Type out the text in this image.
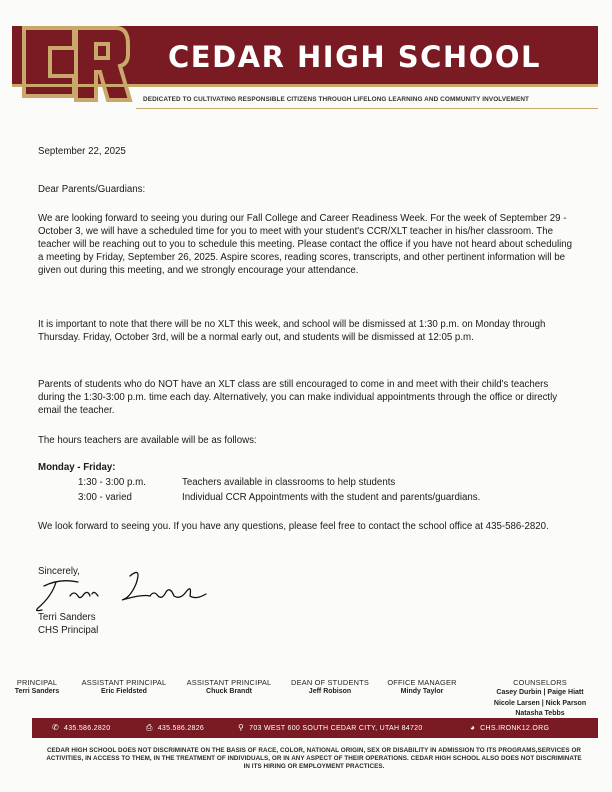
CEDAR HIGH SCHOOL
DEDICATED TO CULTIVATING RESPONSIBLE CITIZENS THROUGH LIFELONG LEARNING AND COMMUNITY INVOLVEMENT
September 22, 2025
Dear Parents/Guardians:

We are looking forward to seeing you during our Fall College and Career Readiness Week. For the week of September 29 - October 3, we will have a scheduled time for you to meet with your student's CCR/XLT teacher in his/her classroom. The teacher will be reaching out to you to schedule this meeting. Please contact the office if you have not heard about scheduling a meeting by Friday, September 26, 2025. Aspire scores, reading scores, transcripts, and other pertinent information will be given out during this meeting, and we strongly encourage your attendance.

It is important to note that there will be no XLT this week, and school will be dismissed at 1:30 p.m. on Monday through Thursday. Friday, October 3rd, will be a normal early out, and students will be dismissed at 12:05 p.m.

Parents of students who do NOT have an XLT class are still encouraged to come in and meet with their child's teachers during the 1:30-3:00 p.m. time each day. Alternatively, you can make individual appointments through the office or directly email the teacher.

The hours teachers are available will be as follows:

Monday - Friday:
1:30 - 3:00 p.m.	Teachers available in classrooms to help students
3:00 - varied	Individual CCR Appointments with the student and parents/guardians.

We look forward to seeing you. If you have any questions, please feel free to contact the school office at 435-586-2820.

Sincerely,
Terri Sanders
CHS Principal
PRINCIPAL
Terri Sanders
ASSISTANT PRINCIPAL
Eric Fieldsted
ASSISTANT PRINCIPAL
Chuck Brandt
DEAN OF STUDENTS
Jeff Robison
OFFICE MANAGER
Mindy Taylor
COUNSELORS
Casey Durbin | Paige Hiatt
Nicole Larsen | Nick Parson
Natasha Tebbs
✆ 435.586.2820	⎙ 435.586.2826	⚲ 703 WEST 600 SOUTH CEDAR CITY, UTAH 84720	◕ CHS.IRONK12.ORG
CEDAR HIGH SCHOOL DOES NOT DISCRIMINATE ON THE BASIS OF RACE, COLOR, NATIONAL ORIGIN, SEX OR DISABILITY IN ADMISSION TO ITS PROGRAMS,SERVICES OR ACTIVITIES, IN ACCESS TO THEM, IN THE TREATMENT OF INDIVIDUALS, OR IN ANY ASPECT OF THEIR OPERATIONS. CEDAR HIGH SCHOOL ALSO DOES NOT DISCRIMINATE IN ITS HIRING OR EMPLOYMENT PRACTICES.
